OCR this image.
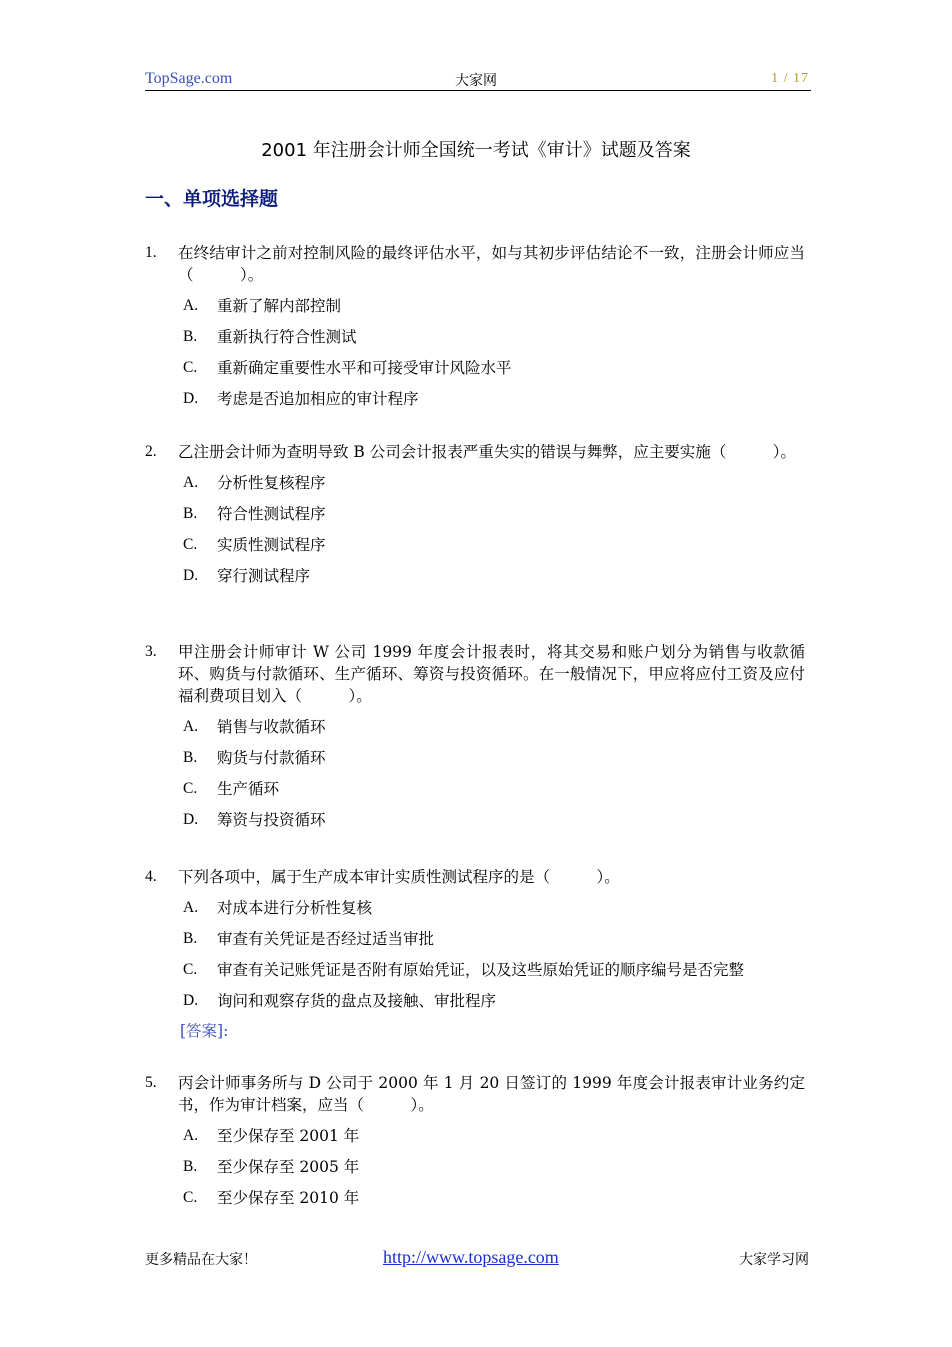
TopSage.com	大家网	1 / 17
2001 年注册会计师全国统一考试《审计》试题及答案
一、单项选择题
1. 在终结审计之前对控制风险的最终评估水平，如与其初步评估结论不一致，注册会计师应当（　　　）。
A.	重新了解内部控制
B.	重新执行符合性测试
C.	重新确定重要性水平和可接受审计风险水平
D.	考虑是否追加相应的审计程序
2. 乙注册会计师为查明导致 B 公司会计报表严重失实的错误与舞弊，应主要实施（　　　）。
A.	分析性复核程序
B.	符合性测试程序
C.	实质性测试程序
D.	穿行测试程序
3. 甲注册会计师审计 W 公司 1999 年度会计报表时，将其交易和账户划分为销售与收款循环、购货与付款循环、生产循环、筹资与投资循环。在一般情况下，甲应将应付工资及应付福利费项目划入（　　　）。
A.	销售与收款循环
B.	购货与付款循环
C.	生产循环
D.	筹资与投资循环
4. 下列各项中，属于生产成本审计实质性测试程序的是（　　　）。
A.	对成本进行分析性复核
B.	审查有关凭证是否经过适当审批
C.	审查有关记账凭证是否附有原始凭证，以及这些原始凭证的顺序编号是否完整
D.	询问和观察存货的盘点及接触、审批程序
[答案]:
5. 丙会计师事务所与 D 公司于 2000 年 1 月 20 日签订的 1999 年度会计报表审计业务约定书，作为审计档案，应当（　　　）。
A.	至少保存至 2001 年
B.	至少保存至 2005 年
C.	至少保存至 2010 年
更多精品在大家！	http://www.topsage.com	大家学习网
